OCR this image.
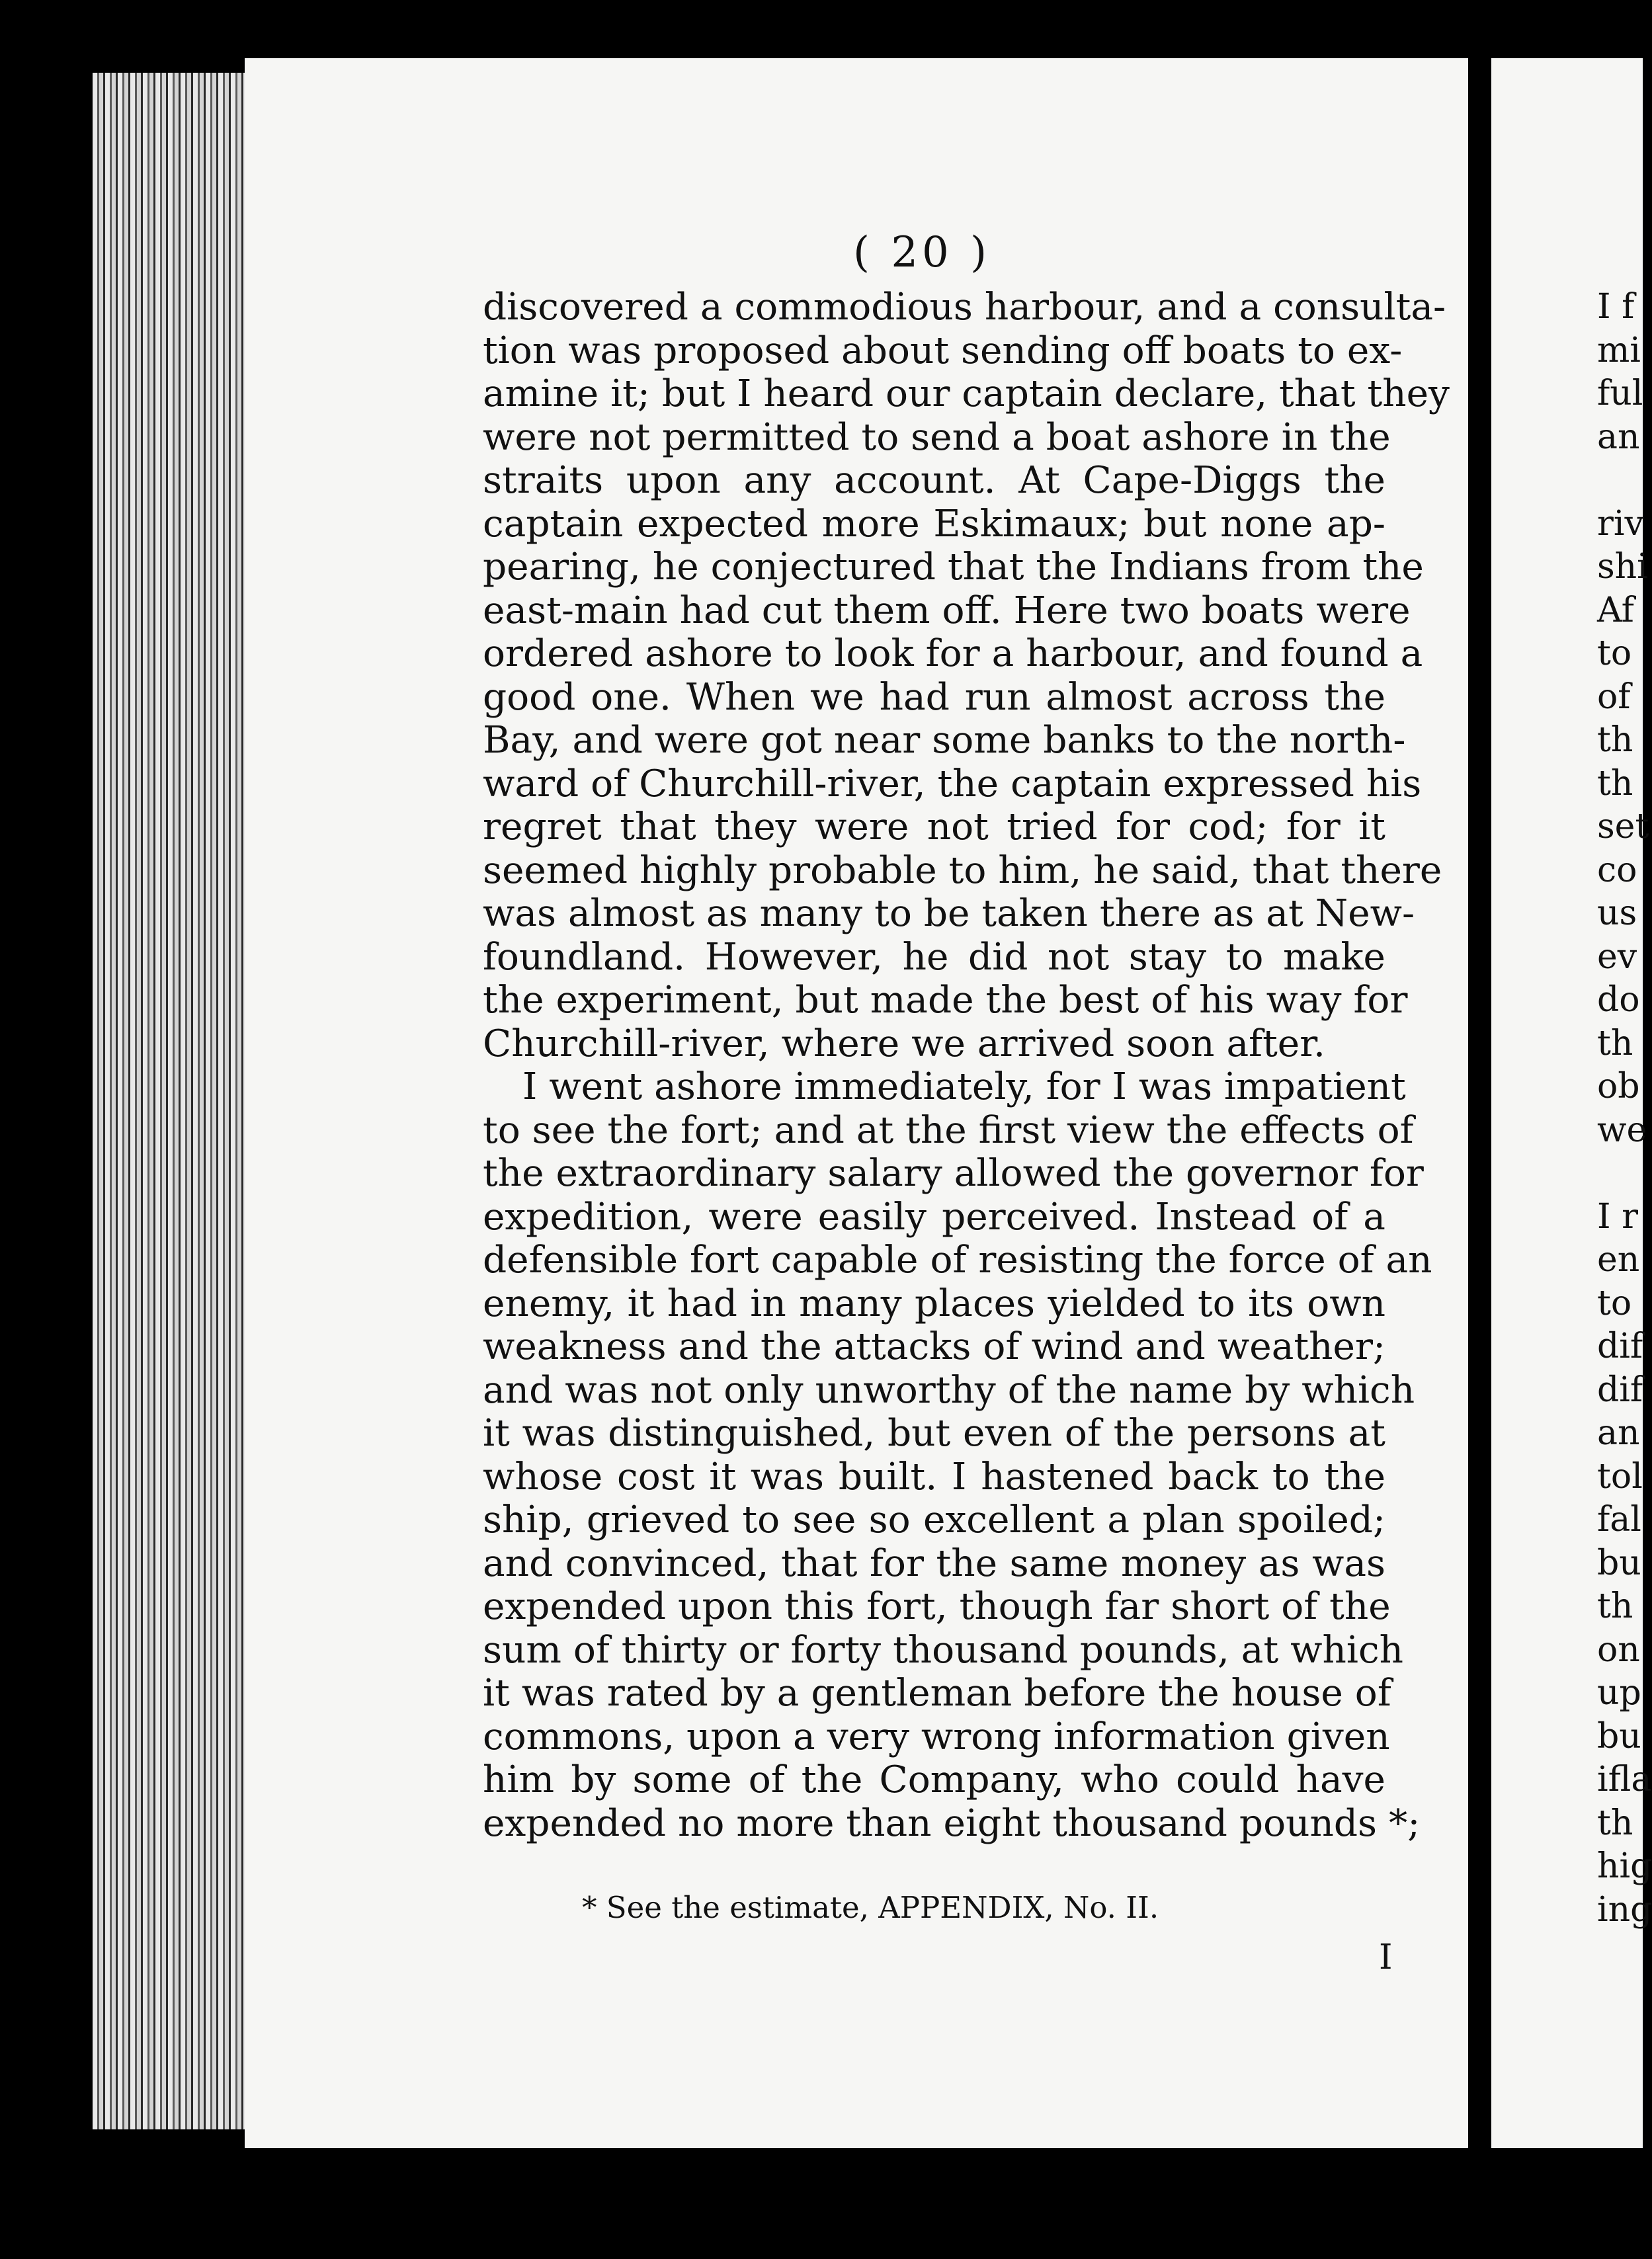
( 20 )
discovered a commodious harbour, and a consulta-
tion was proposed about sending off boats to ex-
amine it; but I heard our captain declare, that they
were not permitted to send a boat ashore in the
straits upon any account. At Cape-Diggs the
captain expected more Eskimaux; but none ap-
pearing, he conjectured that the Indians from the
east-main had cut them off. Here two boats were
ordered ashore to look for a harbour, and found a
good one. When we had run almost across the
Bay, and were got near some banks to the north-
ward of Churchill-river, the captain expressed his
regret that they were not tried for cod; for it
seemed highly probable to him, he said, that there
was almost as many to be taken there as at New-
foundland. However, he did not stay to make
the experiment, but made the best of his way for
Churchill-river, where we arrived soon after.
I went ashore immediately, for I was impatient
to see the fort; and at the first view the effects of
the extraordinary salary allowed the governor for
expedition, were easily perceived. Instead of a
defensible fort capable of resisting the force of an
enemy, it had in many places yielded to its own
weakness and the attacks of wind and weather;
and was not only unworthy of the name by which
it was distinguished, but even of the persons at
whose cost it was built. I hastened back to the
ship, grieved to see so excellent a plan spoiled;
and convinced, that for the same money as was
expended upon this fort, though far short of the
sum of thirty or forty thousand pounds, at which
it was rated by a gentleman before the house of
commons, upon a very wrong information given
him by some of the Company, who could have
expended no more than eight thousand pounds *;
* See the estimate, APPENDIX, No. II.
I
I f
mi
ful
an
riv
shi
Af
to
of
th
th
set
co
us
ev
do
th
ob
we
I r
en
to
dif
dif
an
tol
fal
bu
th
on
up
bu
ifla
th
hig
ing
